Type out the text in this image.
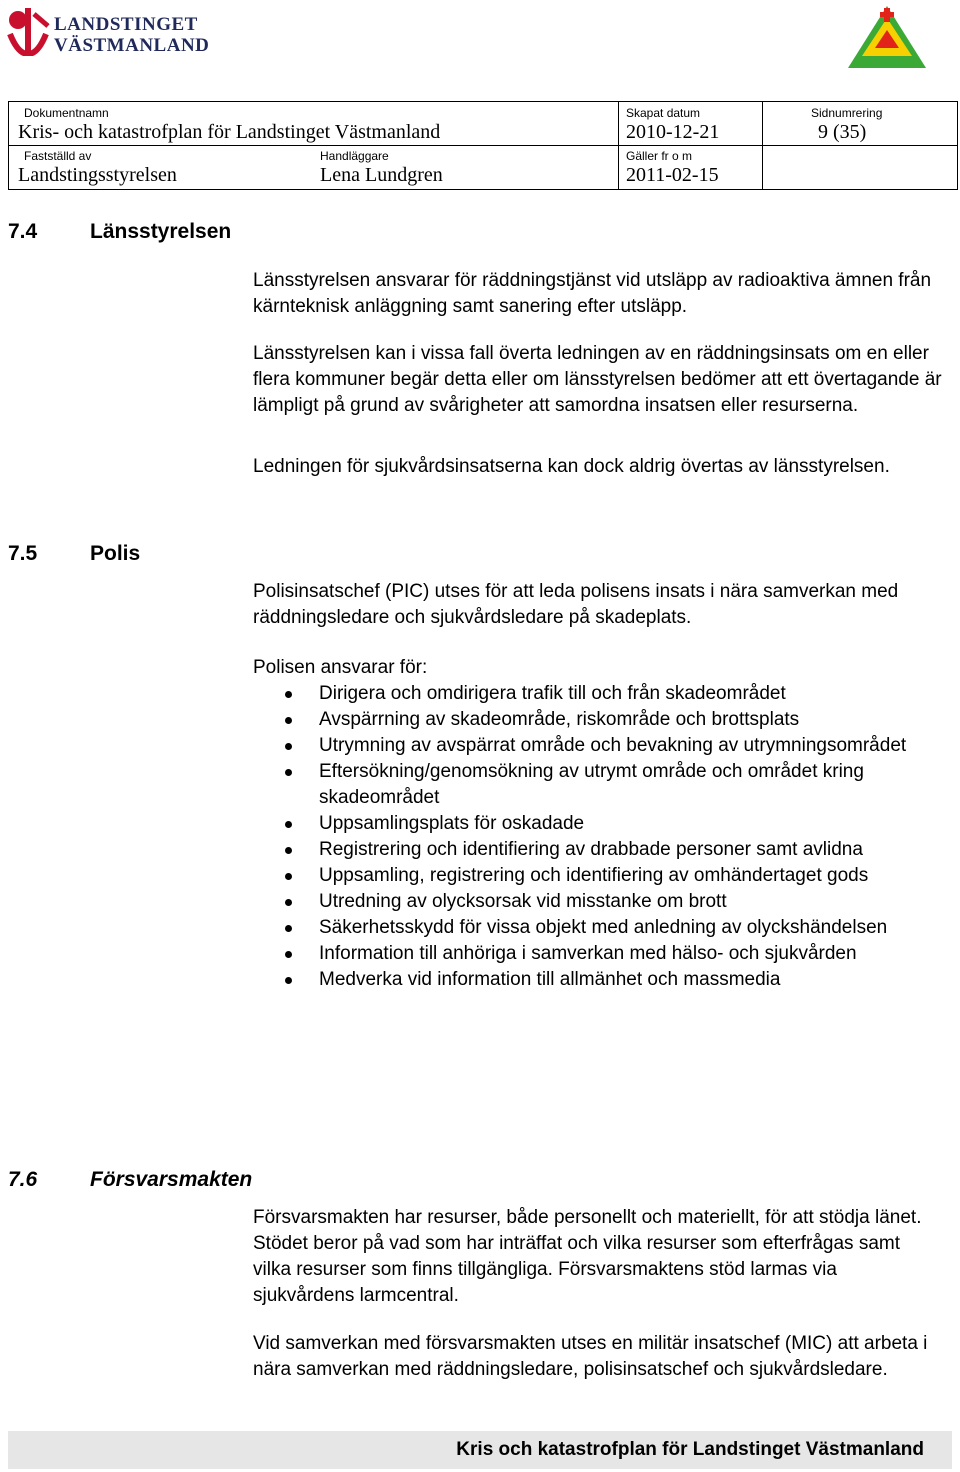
LANDSTINGET
VÄSTMANLAND
Dokumentnamn
Kris- och katastrofplan för Landstinget Västmanland
Skapat datum
2010-12-21
Sidnumrering
9 (35)
Fastställd av
Landstingsstyrelsen
Handläggare
Lena Lundgren
Gäller fr o m
2011-02-15
7.4	Länsstyrelsen
Länsstyrelsen ansvarar för räddningstjänst vid utsläpp av radioaktiva ämnen från kärnteknisk anläggning samt sanering efter utsläpp.
Länsstyrelsen kan i vissa fall överta ledningen av en räddningsinsats om en eller flera kommuner begär detta eller om länsstyrelsen bedömer att ett övertagande är lämpligt på grund av svårigheter att samordna insatsen eller resurserna.
Ledningen för sjukvårdsinsatserna kan dock aldrig övertas av länsstyrelsen.
7.5	Polis
Polisinsatschef (PIC) utses för att leda polisens insats i nära samverkan med räddningsledare och sjukvårdsledare på skadeplats.
Polisen ansvarar för:
Dirigera och omdirigera trafik till och från skadeområdet
Avspärrning av skadeområde, riskområde och brottsplats
Utrymning av avspärrat område och bevakning av utrymningsområdet
Eftersökning/genomsökning av utrymt område och området kring skadeområdet
Uppsamlingsplats för oskadade
Registrering och identifiering av drabbade personer samt avlidna
Uppsamling, registrering och identifiering av omhändertaget gods
Utredning av olycksorsak vid misstanke om brott
Säkerhetsskydd för vissa objekt med anledning av olyckshändelsen
Information till anhöriga i samverkan med hälso- och sjukvården
Medverka vid information till allmänhet och massmedia
7.6	Försvarsmakten
Försvarsmakten har resurser, både personellt och materiellt, för att stödja länet. Stödet beror på vad som har inträffat och vilka resurser som efterfrågas samt vilka resurser som finns tillgängliga. Försvarsmaktens stöd larmas via sjukvårdens larmcentral.
Vid samverkan med försvarsmakten utses en militär insatschef (MIC) att arbeta i nära samverkan med räddningsledare, polisinsatschef och sjukvårdsledare.
Kris och katastrofplan för Landstinget Västmanland
